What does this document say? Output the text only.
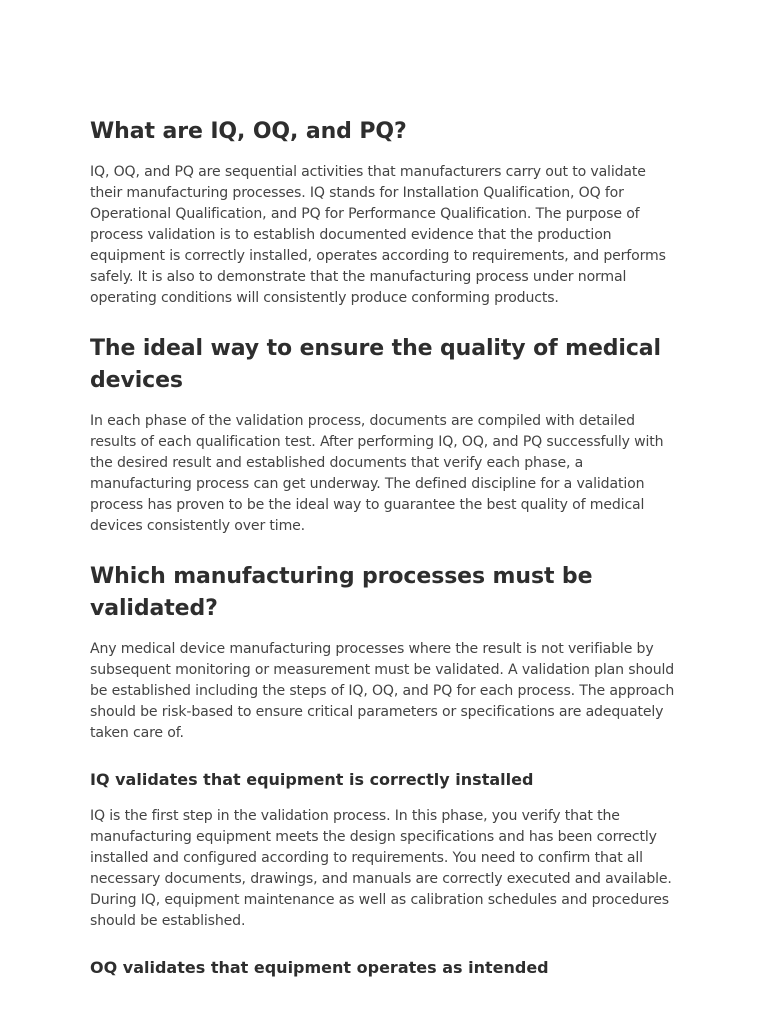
What are IQ, OQ, and PQ?

IQ, OQ, and PQ are sequential activities that manufacturers carry out to validate their manufacturing processes. IQ stands for Installation Qualification, OQ for Operational Qualification, and PQ for Performance Qualification. The purpose of process validation is to establish documented evidence that the production equipment is correctly installed, operates according to requirements, and performs safely. It is also to demonstrate that the manufacturing process under normal operating conditions will consistently produce conforming products.

The ideal way to ensure the quality of medical devices

In each phase of the validation process, documents are compiled with detailed results of each qualification test. After performing IQ, OQ, and PQ successfully with the desired result and established documents that verify each phase, a manufacturing process can get underway. The defined discipline for a validation process has proven to be the ideal way to guarantee the best quality of medical devices consistently over time.

Which manufacturing processes must be validated?

Any medical device manufacturing processes where the result is not verifiable by subsequent monitoring or measurement must be validated. A validation plan should be established including the steps of IQ, OQ, and PQ for each process. The approach should be risk-based to ensure critical parameters or specifications are adequately taken care of.

IQ validates that equipment is correctly installed

IQ is the first step in the validation process. In this phase, you verify that the manufacturing equipment meets the design specifications and has been correctly installed and configured according to requirements. You need to confirm that all necessary documents, drawings, and manuals are correctly executed and available. During IQ, equipment maintenance as well as calibration schedules and procedures should be established.

OQ validates that equipment operates as intended
